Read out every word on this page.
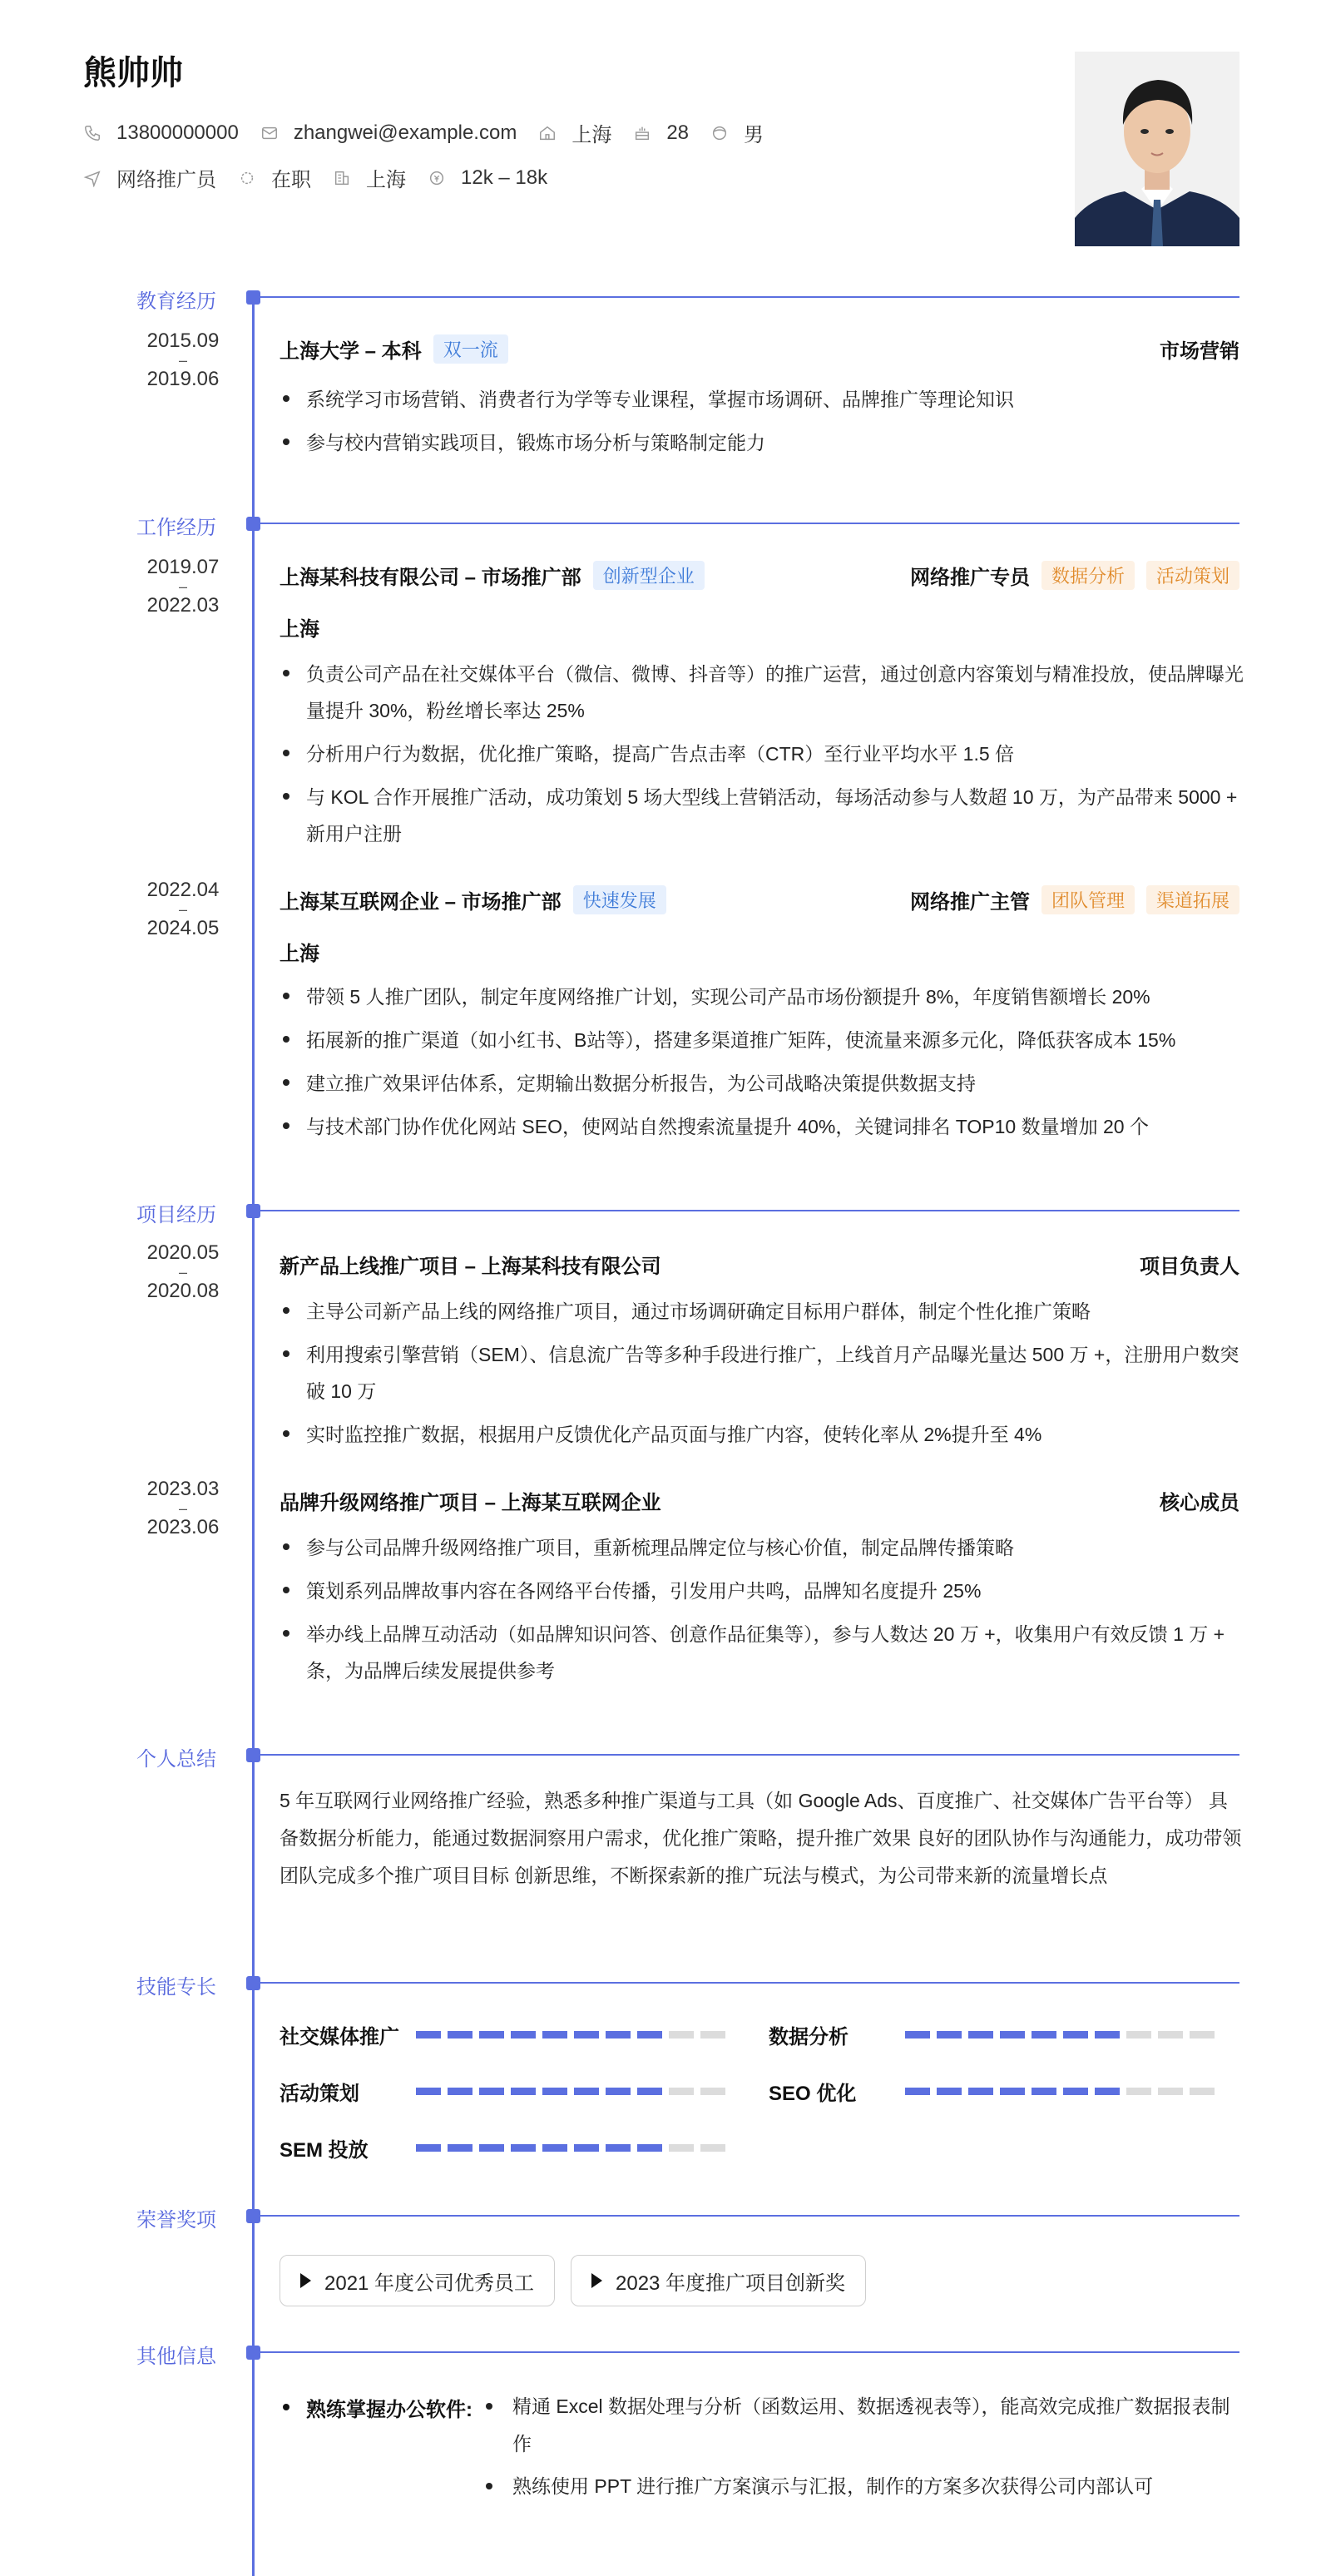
熊帅帅
13800000000	zhangwei@example.com	上海	28	男
网络推广员	在职	上海	12k – 18k
教育经历
2015.09
–
2019.06
上海大学 – 本科	双一流	市场营销
系统学习市场营销、消费者行为学等专业课程，掌握市场调研、品牌推广等理论知识
参与校内营销实践项目，锻炼市场分析与策略制定能力
工作经历
2019.07
–
2022.03
上海某科技有限公司 – 市场推广部	创新型企业	网络推广专员	数据分析	活动策划
上海
负责公司产品在社交媒体平台（微信、微博、抖音等）的推广运营，通过创意内容策划与精准投放，使品牌曝光量提升 30%，粉丝增长率达 25%
分析用户行为数据，优化推广策略，提高广告点击率（CTR）至行业平均水平 1.5 倍
与 KOL 合作开展推广活动，成功策划 5 场大型线上营销活动，每场活动参与人数超 10 万，为产品带来 5000 + 新用户注册
2022.04
–
2024.05
上海某互联网企业 – 市场推广部	快速发展	网络推广主管	团队管理	渠道拓展
上海
带领 5 人推广团队，制定年度网络推广计划，实现公司产品市场份额提升 8%，年度销售额增长 20%
拓展新的推广渠道（如小红书、B站等），搭建多渠道推广矩阵，使流量来源多元化，降低获客成本 15%
建立推广效果评估体系，定期输出数据分析报告，为公司战略决策提供数据支持
与技术部门协作优化网站 SEO，使网站自然搜索流量提升 40%，关键词排名 TOP10 数量增加 20 个
项目经历
2020.05
–
2020.08
新产品上线推广项目 – 上海某科技有限公司	项目负责人
主导公司新产品上线的网络推广项目，通过市场调研确定目标用户群体，制定个性化推广策略
利用搜索引擎营销（SEM）、信息流广告等多种手段进行推广，上线首月产品曝光量达 500 万 +，注册用户数突破 10 万
实时监控推广数据，根据用户反馈优化产品页面与推广内容，使转化率从 2%提升至 4%
2023.03
–
2023.06
品牌升级网络推广项目 – 上海某互联网企业	核心成员
参与公司品牌升级网络推广项目，重新梳理品牌定位与核心价值，制定品牌传播策略
策划系列品牌故事内容在各网络平台传播，引发用户共鸣，品牌知名度提升 25%
举办线上品牌互动活动（如品牌知识问答、创意作品征集等），参与人数达 20 万 +，收集用户有效反馈 1 万 + 条，为品牌后续发展提供参考
个人总结
5 年互联网行业网络推广经验，熟悉多种推广渠道与工具（如 Google Ads、百度推广、社交媒体广告平台等） 具备数据分析能力，能通过数据洞察用户需求，优化推广策略，提升推广效果 良好的团队协作与沟通能力，成功带领团队完成多个推广项目目标 创新思维，不断探索新的推广玩法与模式，为公司带来新的流量增长点
技能专长
社交媒体推广	数据分析
活动策划	SEO 优化
SEM 投放
荣誉奖项
2021 年度公司优秀员工	2023 年度推广项目创新奖
其他信息
熟练掌握办公软件:	精通 Excel 数据处理与分析（函数运用、数据透视表等），能高效完成推广数据报表制作
熟练使用 PPT 进行推广方案演示与汇报，制作的方案多次获得公司内部认可
